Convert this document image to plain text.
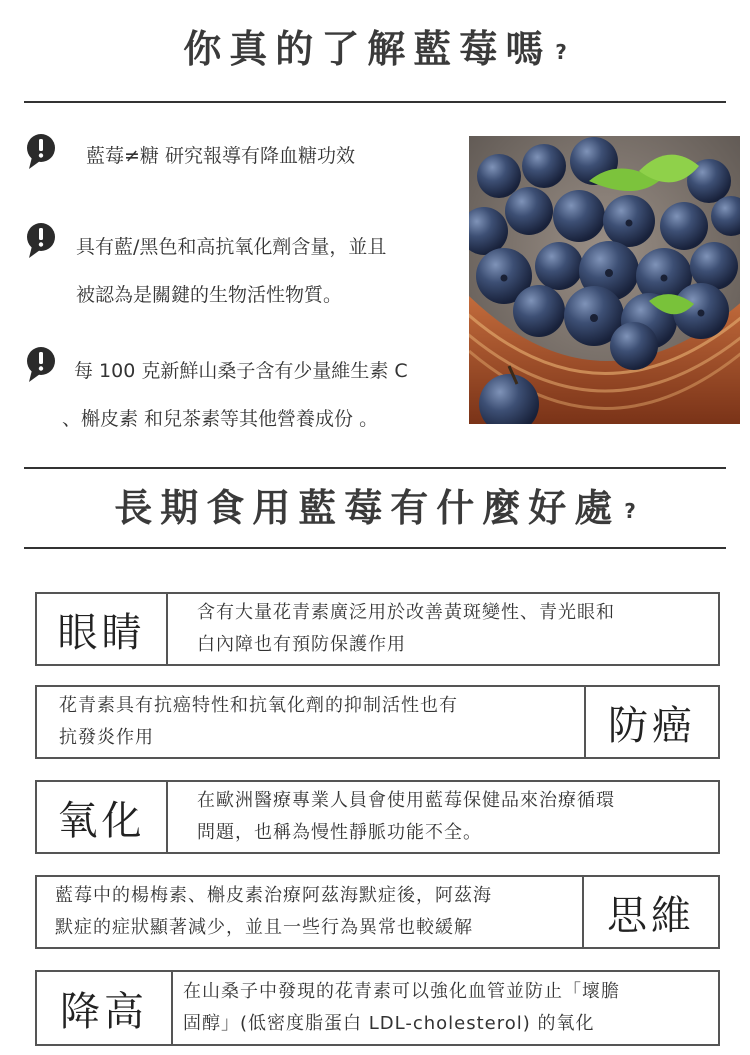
你真的了解藍莓嗎 ?
藍莓≠糖 研究報導有降血糖功效
具有藍/黑色和高抗氧化劑含量，並且
被認為是關鍵的生物活性物質。
每 100 克新鮮山桑子含有少量維生素 C
、槲皮素 和兒茶素等其他營養成份 。
長期食用藍莓有什麼好處 ?
眼睛	含有大量花青素廣泛用於改善黃斑變性、青光眼和
白內障也有預防保護作用
花青素具有抗癌特性和抗氧化劑的抑制活性也有
抗發炎作用	防癌
氧化	在歐洲醫療專業人員會使用藍莓保健品來治療循環
問題，也稱為慢性靜脈功能不全。
藍莓中的楊梅素、槲皮素治療阿茲海默症後，阿茲海
默症的症狀顯著減少，並且一些行為異常也較緩解	思維
降高	在山桑子中發現的花青素可以強化血管並防止「壞膽
固醇」(低密度脂蛋白 LDL-cholesterol) 的氧化
